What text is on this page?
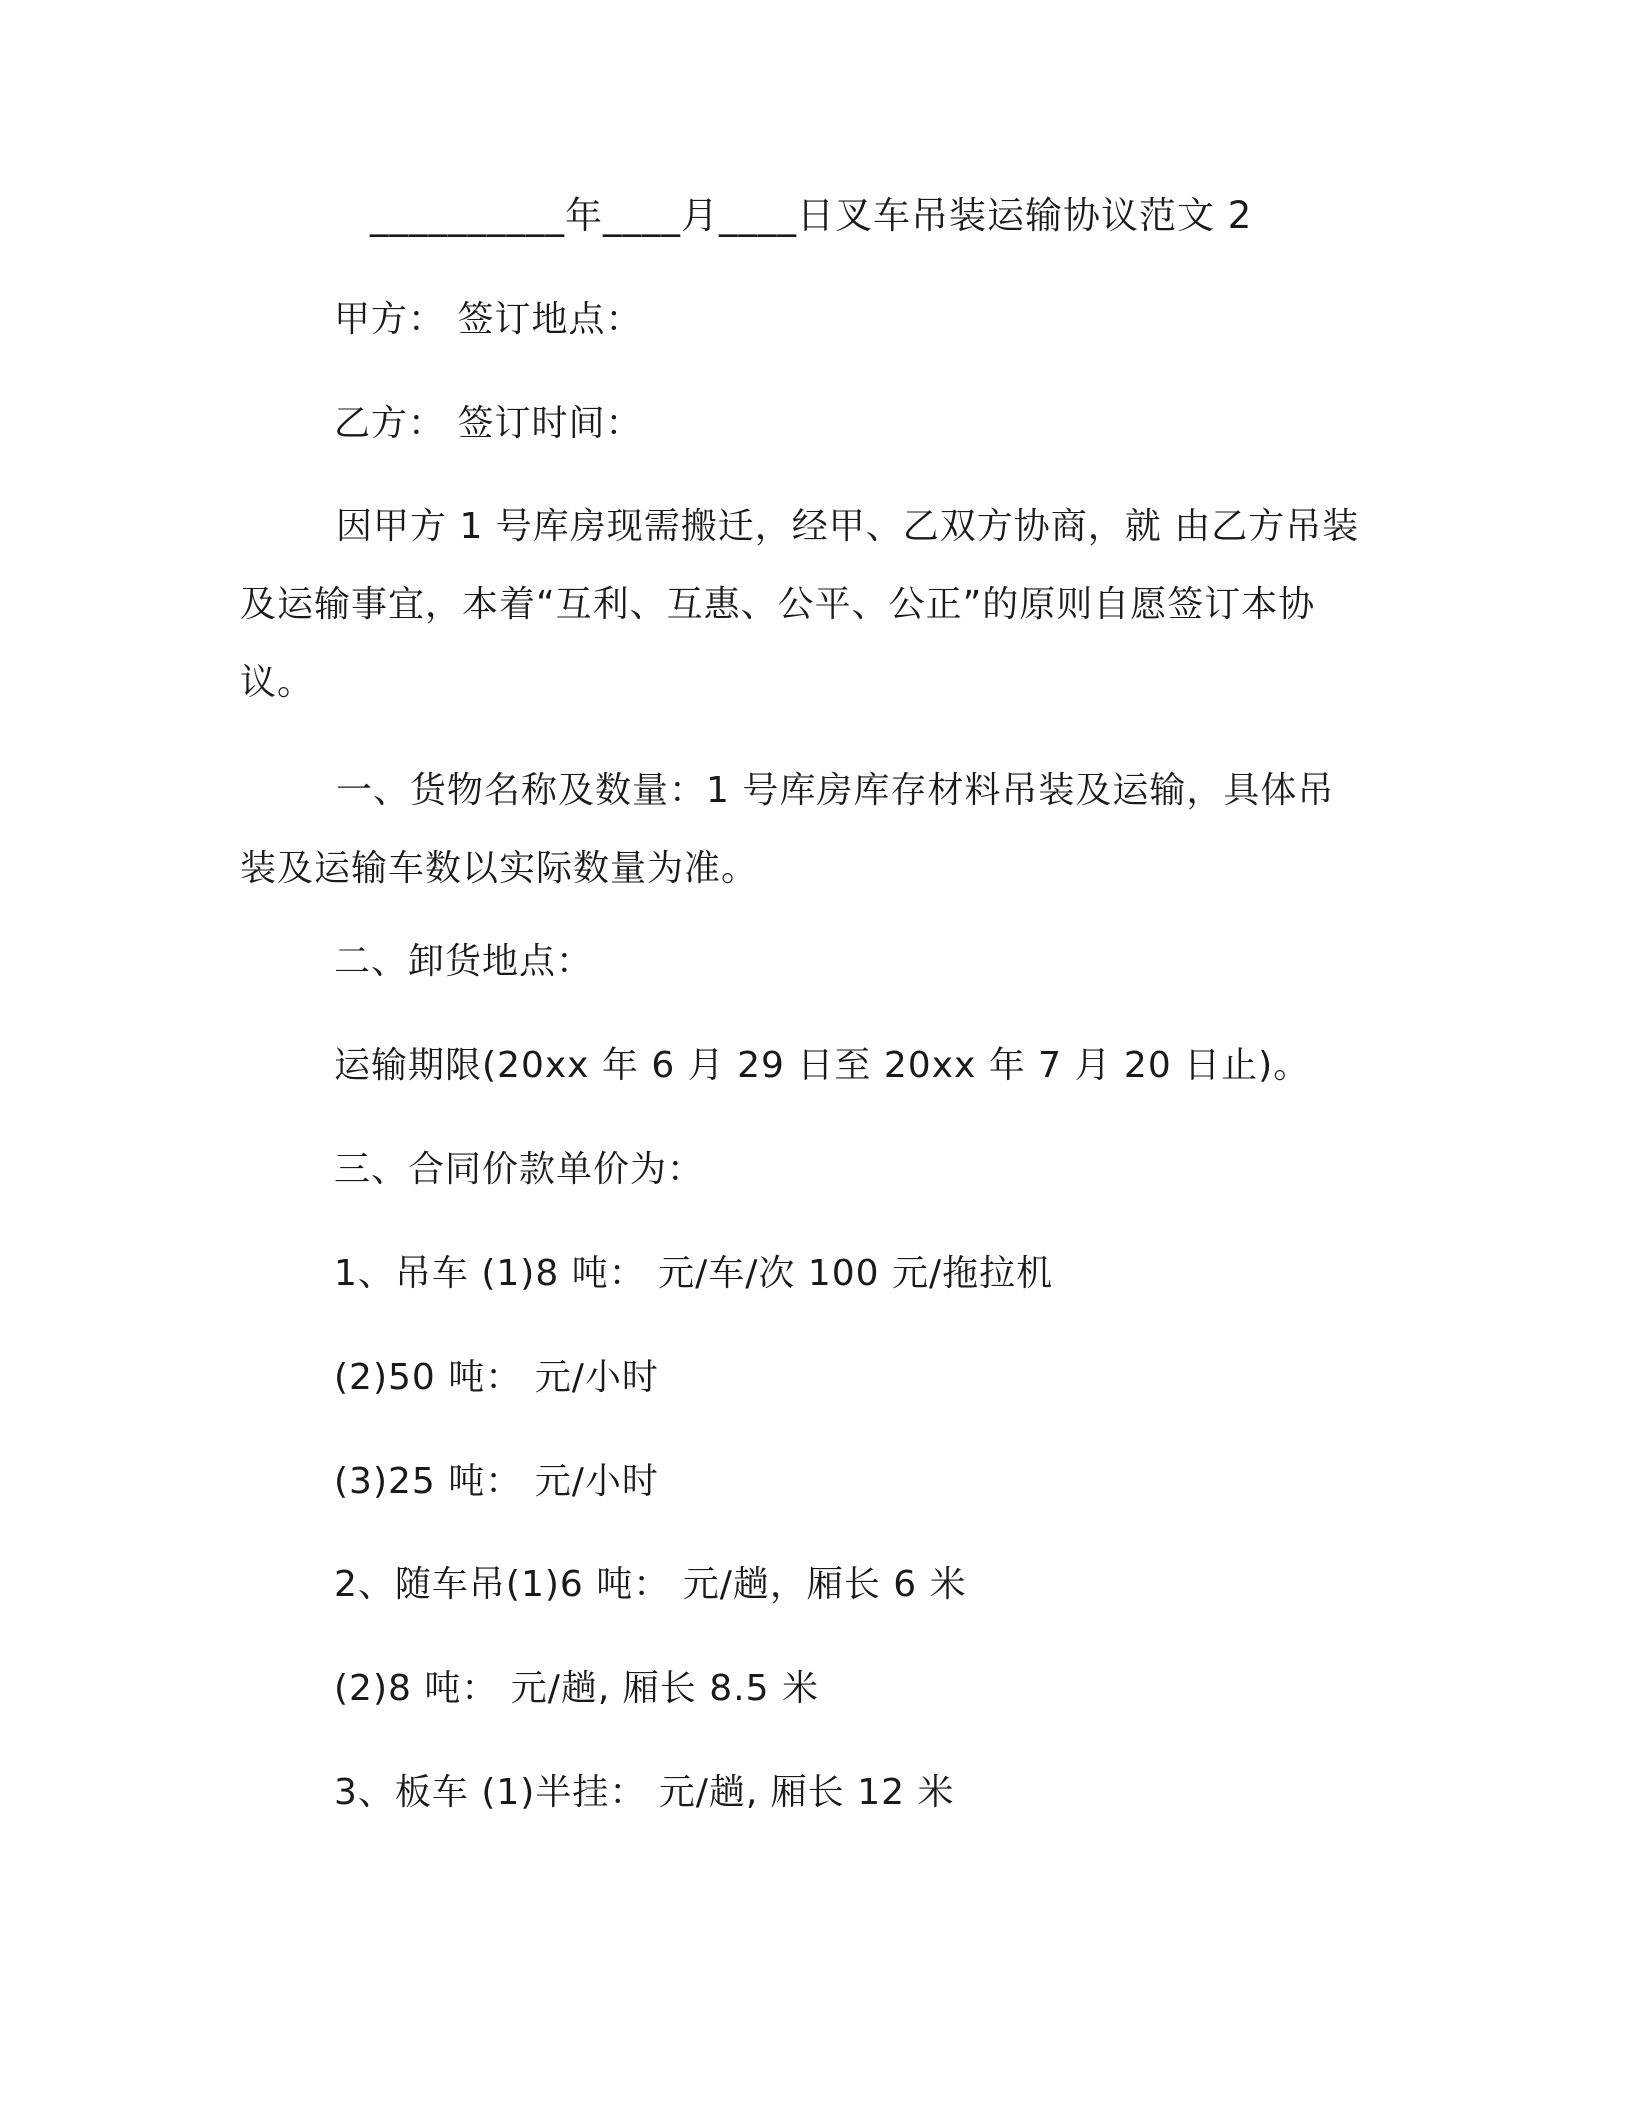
__________年____月____日叉车吊装运输协议范文 2
甲方： 签订地点：
乙方： 签订时间：
因甲方 1 号库房现需搬迁，经甲、乙双方协商，就 由乙方吊装及运输事宜，本着“互利、互惠、公平、公正”的原则自愿签订本协议。
一、货物名称及数量：1 号库房库存材料吊装及运输，具体吊装及运输车数以实际数量为准。
二、卸货地点：
运输期限(20xx 年 6 月 29 日至 20xx 年 7 月 20 日止)。
三、合同价款单价为：
1、吊车 (1)8 吨： 元/车/次 100 元/拖拉机
(2)50 吨： 元/小时
(3)25 吨： 元/小时
2、随车吊(1)6 吨： 元/趟，厢长 6 米
(2)8 吨： 元/趟, 厢长 8.5 米
3、板车 (1)半挂： 元/趟, 厢长 12 米
